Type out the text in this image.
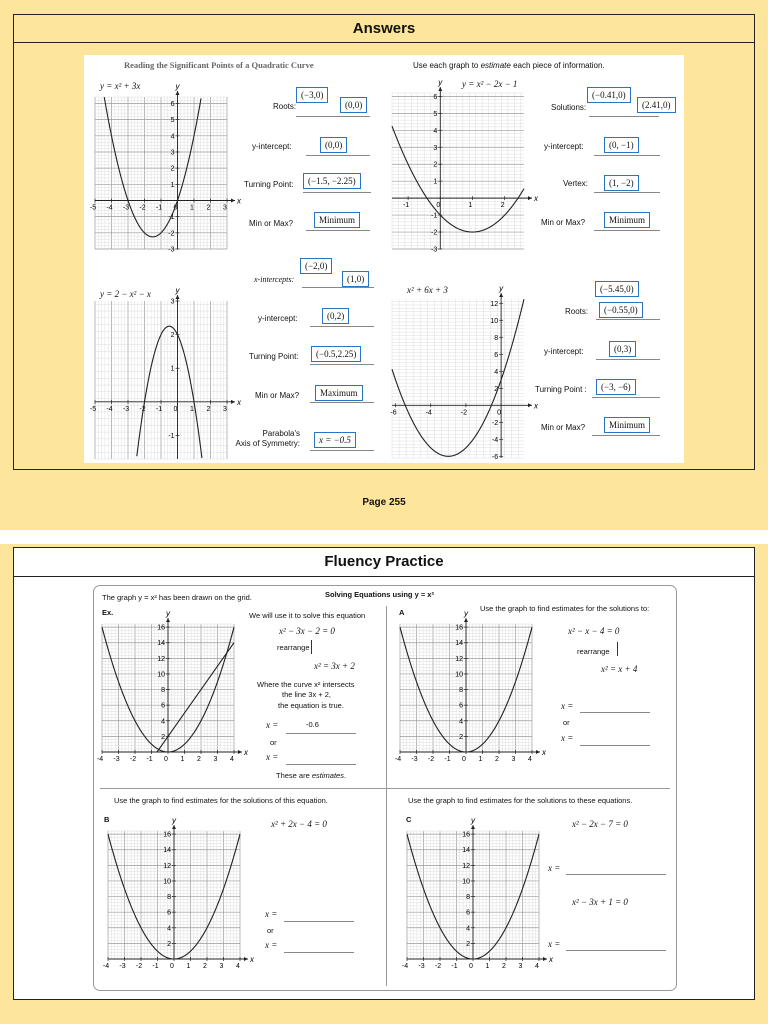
Answers
Reading the Significant Points of a Quadratic Curve	Use each graph to estimate each piece of information.
y = x² + 3x
x
y
-5 -4 -3 -2 -1 0 1 2 3
6
5
4
3
2
1
-1
-2
-3
y = x² − 2x − 1
x
y
-1	0	1	2
6
5
4
3
2
1
-1
-2
-3
y = 2 − x² − x
x
y
-5 -4 -3 -2 -1 0 1 2 3
3
2
1
-1
x² + 6x + 3
x
y
-6	-4	-2	0
12
10
8
6
4
2
-2
-4
-6
Roots:
(−3,0)
(0,0)
y-intercept:	(0,0)
Turning Point:	(−1.5, −2.25)
Min or Max?	Minimum
Solutions:
(−0.41,0)
(2.41,0)
y-intercept:	(0, −1)
Vertex:	(1, −2)
Min or Max?	Minimum
x-intercepts:
(−2,0)
(1,0)
y-intercept:	(0,2)
Turning Point:	(−0.5,2.25)
Min or Max?	Maximum
Parabola's
Axis of Symmetry:	x = −0.5
Roots:
(−5.45,0)
(−0.55,0)
y-intercept:	(0,3)
Turning Point :	(−3, −6)
Min or Max?	Minimum
Page 255
Fluency Practice
The graph y = x² has been drawn on the grid.	Solving Equations using y = x²
Ex.
x
y
-4 -3 -2 -1 0 1 2 3 4
16
14
12
10
8
6
4
2
We will use it to solve this equation
x² − 3x − 2 = 0
rearrange
x² = 3x + 2
Where the curve x² intersects
the line 3x + 2,
the equation is true.
x =	-0.6
or
x =
These are estimates.
A
x
y
-4 -3 -2 -1 0 1 2 3 4
16
14
12
10
8
6
4
2
Use the graph to find estimates for the solutions to:
x² − x − 4 = 0
rearrange
x² = x + 4
x =
or
x =
Use the graph to find estimates for the solutions of this equation.
B
x
y
-4 -3 -2 -1 0 1 2 3 4
16
14
12
10
8
6
4
2
x² + 2x − 4 = 0
x =
or
x =
Use the graph to find estimates for the solutions to these equations.
C
x
y
-4 -3 -2 -1 0 1 2 3 4
16
14
12
10
8
6
4
2
x² − 2x − 7 = 0
x =
x² − 3x + 1 = 0
x =
